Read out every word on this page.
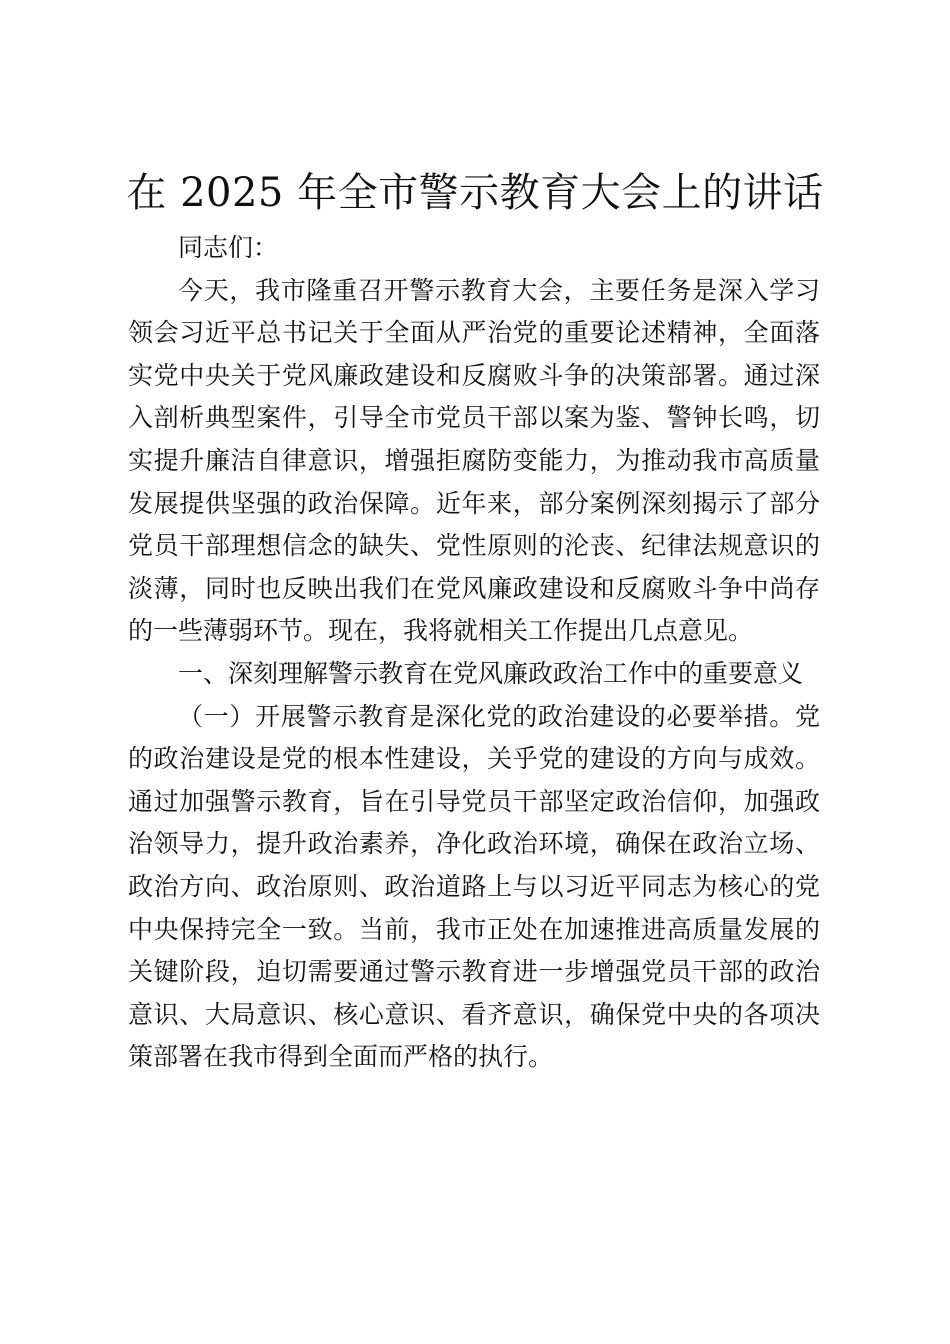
在 2025 年全市警示教育大会上的讲话

同志们：

今天，我市隆重召开警示教育大会，主要任务是深入学习领会习近平总书记关于全面从严治党的重要论述精神，全面落实党中央关于党风廉政建设和反腐败斗争的决策部署。通过深入剖析典型案件，引导全市党员干部以案为鉴、警钟长鸣，切实提升廉洁自律意识，增强拒腐防变能力，为推动我市高质量发展提供坚强的政治保障。近年来，部分案例深刻揭示了部分党员干部理想信念的缺失、党性原则的沦丧、纪律法规意识的淡薄，同时也反映出我们在党风廉政建设和反腐败斗争中尚存的一些薄弱环节。现在，我将就相关工作提出几点意见。

一、深刻理解警示教育在党风廉政政治工作中的重要意义

（一）开展警示教育是深化党的政治建设的必要举措。党的政治建设是党的根本性建设，关乎党的建设的方向与成效。通过加强警示教育，旨在引导党员干部坚定政治信仰，加强政治领导力，提升政治素养，净化政治环境，确保在政治立场、政治方向、政治原则、政治道路上与以习近平同志为核心的党中央保持完全一致。当前，我市正处在加速推进高质量发展的关键阶段，迫切需要通过警示教育进一步增强党员干部的政治意识、大局意识、核心意识、看齐意识，确保党中央的各项决策部署在我市得到全面而严格的执行。
